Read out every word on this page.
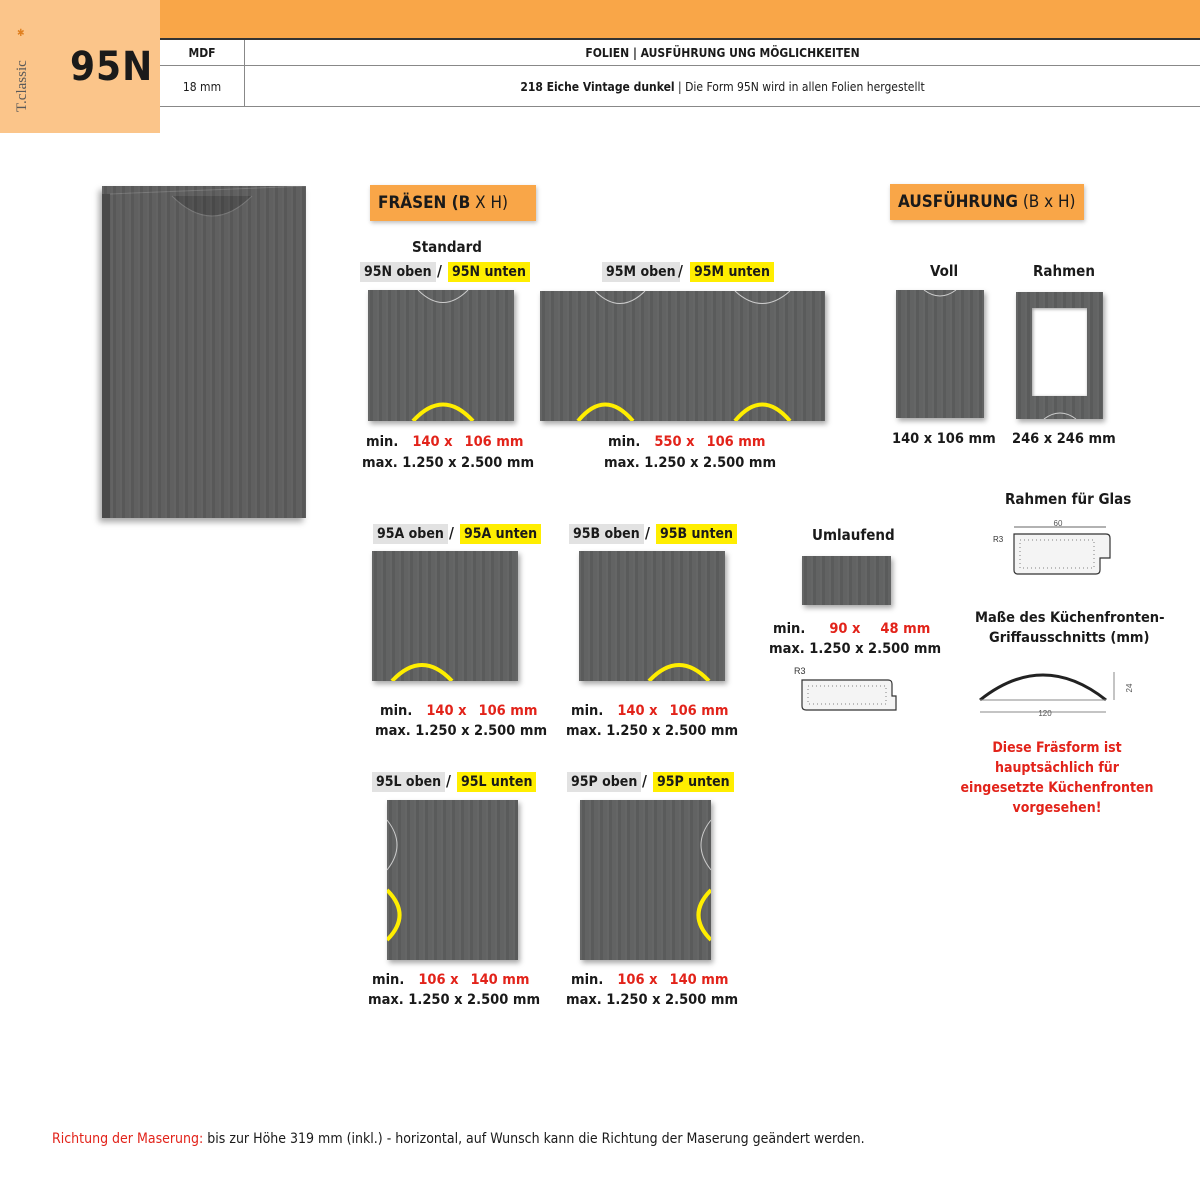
✱
T.classic 95N	MDF	FOLIEN | AUSFÜHRUNG UNG MÖGLICHKEITEN
18 mm	218 Eiche Vintage dunkel | Die Form 95N wird in allen Folien hergestellt
FRÄSEN (B X H)	AUSFÜHRUNG (B x H)
Standard
95N oben / 95N unten
min. 140 x 106 mm
max. 1.250 x 2.500 mm
95M oben / 95M unten
min. 550 x 106 mm
max. 1.250 x 2.500 mm
95A oben / 95A unten
min. 140 x 106 mm
max. 1.250 x 2.500 mm
95B oben / 95B unten
min. 140 x 106 mm
max. 1.250 x 2.500 mm
95L oben / 95L unten
min. 106 x 140 mm
max. 1.250 x 2.500 mm
95P oben / 95P unten
min. 106 x 140 mm
max. 1.250 x 2.500 mm
Voll	Rahmen
140 x 106 mm 246 x 246 mm
Rahmen für Glas
60
R3
Maße des Küchenfronten-
Griffausschnitts (mm)
120
24
Diese Fräsform ist
hauptsächlich für
eingesetzte Küchenfronten
vorgesehen!
Umlaufend
min. 90 x 48 mm
max. 1.250 x 2.500 mm
R3
Richtung der Maserung: bis zur Höhe 319 mm (inkl.) - horizontal, auf Wunsch kann die Richtung der Maserung geändert werden.
